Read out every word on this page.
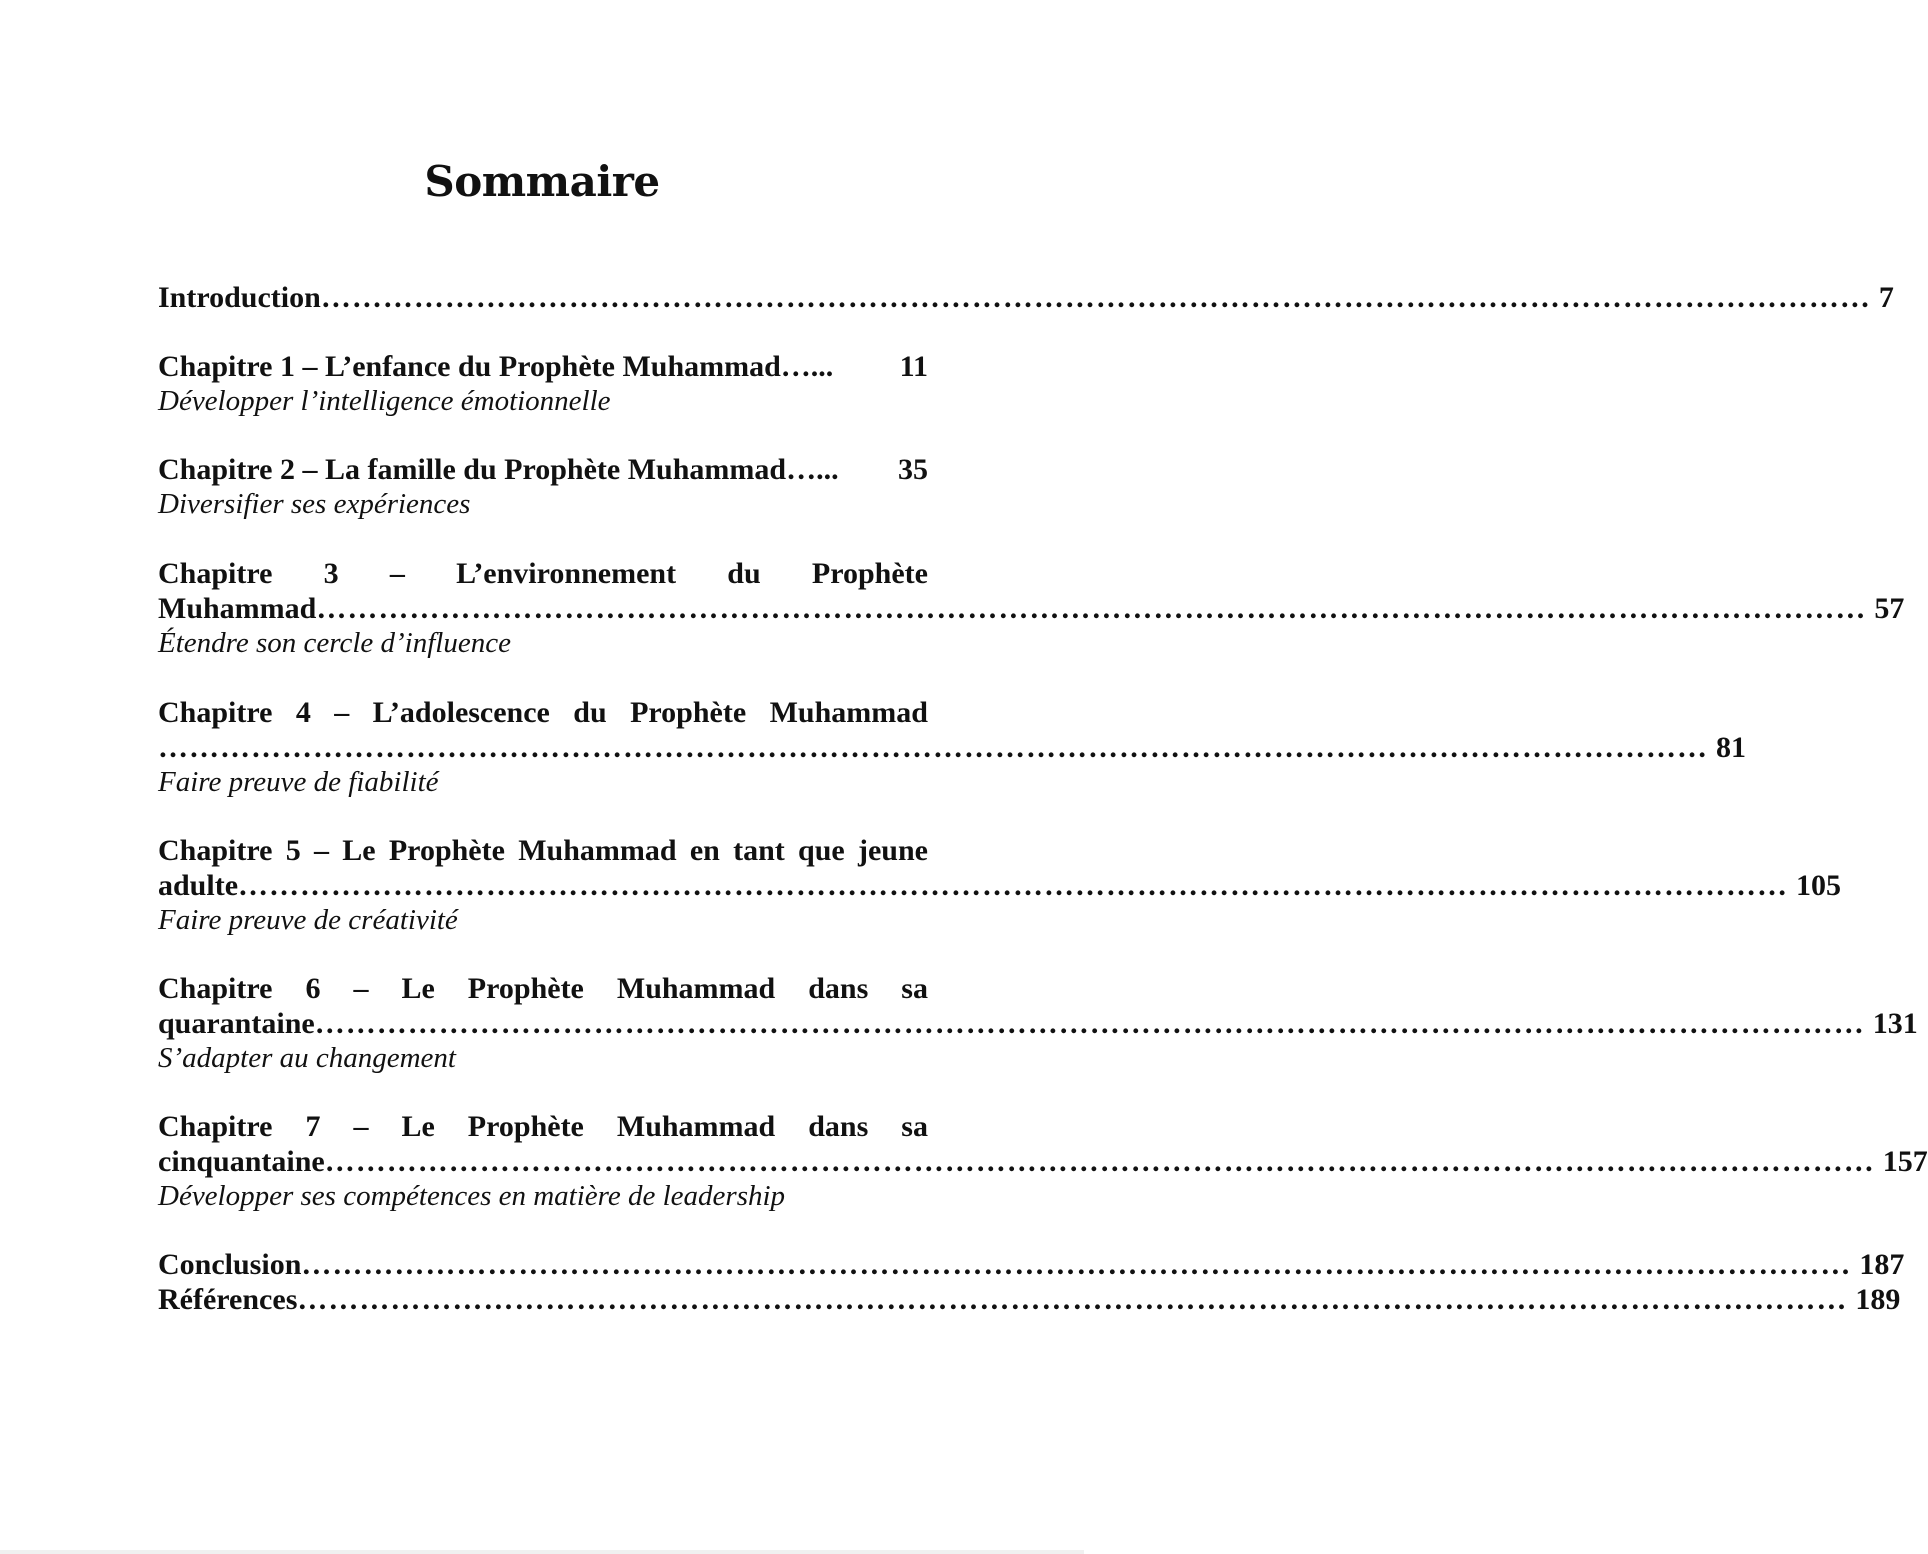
Sommaire
Introduction …………………………………………………………………………………………………………………………………… 7
Chapitre 1 – L’enfance du Prophète Muhammad…... 11
Développer l’intelligence émotionnelle
Chapitre 2 – La famille du Prophète Muhammad…... 35
Diversifier ses expériences
Chapitre 3 – L’environnement du Prophète
Muhammad …………………………………………………………………………………………………………………………………… 57
Étendre son cercle d’influence
Chapitre 4 – L’adolescence du Prophète Muhammad
…………………………………………………………………………………………………………………………………… 81
Faire preuve de fiabilité
Chapitre 5 – Le Prophète Muhammad en tant que jeune
adulte …………………………………………………………………………………………………………………………………… 105
Faire preuve de créativité
Chapitre 6 – Le Prophète Muhammad dans sa
quarantaine …………………………………………………………………………………………………………………………………… 131
S’adapter au changement
Chapitre 7 – Le Prophète Muhammad dans sa
cinquantaine …………………………………………………………………………………………………………………………………… 157
Développer ses compétences en matière de leadership
Conclusion …………………………………………………………………………………………………………………………………… 187
Références …………………………………………………………………………………………………………………………………… 189
